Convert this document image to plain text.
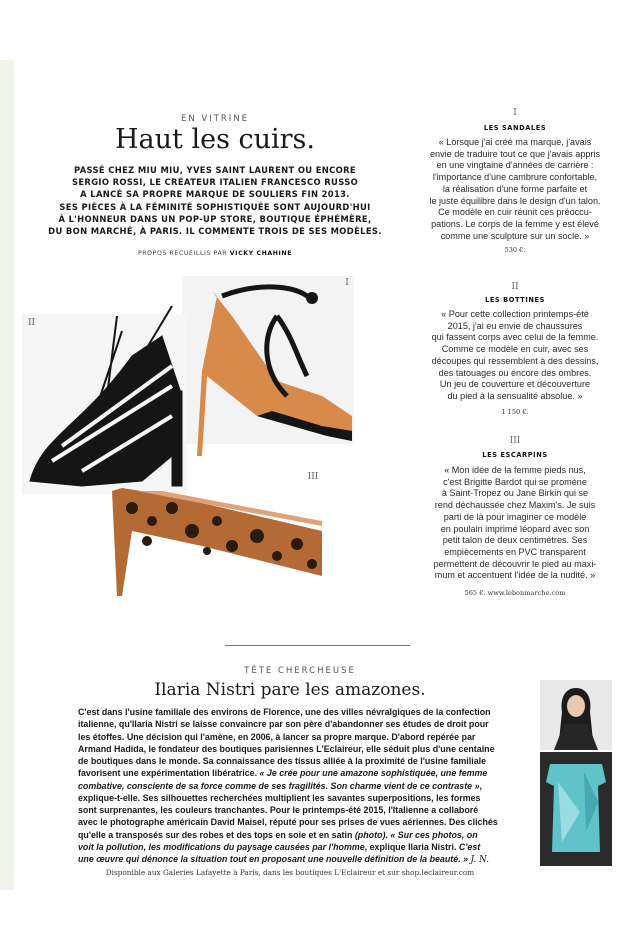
EN VITRINE
Haut les cuirs.
PASSÉ CHEZ MIU MIU, YVES SAINT LAURENT OU ENCORE
SERGIO ROSSI, LE CRÉATEUR ITALIEN FRANCESCO RUSSO
A LANCÉ SA PROPRE MARQUE DE SOULIERS FIN 2013.
SES PIÈCES À LA FÉMINITÉ SOPHISTIQUÉE SONT AUJOURD'HUI
À L'HONNEUR DANS UN POP-UP STORE, BOUTIQUE ÉPHÉMÈRE,
DU BON MARCHÉ, À PARIS. IL COMMENTE TROIS DE SES MODÈLES.
PROPOS RECUEILLIS PAR VICKY CHAHINE
I
II
III
I
LES SANDALES
« Lorsque j'ai créé ma marque, j'avais
envie de traduire tout ce que j'avais appris
en une vingtaine d'années de carrière :
l'importance d'une cambrure confortable,
la réalisation d'une forme parfaite et
le juste équilibre dans le design d'un talon.
Ce modèle en cuir réunit ces préoccu-
pations. Le corps de la femme y est élevé
comme une sculpture sur un socle. »
530 €.
II
LES BOTTINES
« Pour cette collection printemps-été
2015, j'ai eu envie de chaussures
qui fassent corps avec celui de la femme.
Comme ce modèle en cuir, avec ses
découpes qui ressemblent à des dessins,
des tatouages ou encore des ombres.
Un jeu de couverture et découverture
du pied à la sensualité absolue. »
1 150 €.
III
LES ESCARPINS
« Mon idée de la femme pieds nus,
c'est Brigitte Bardot qui se promène
à Saint-Tropez ou Jane Birkin qui se
rend déchaussée chez Maxim's. Je suis
parti de là pour imaginer ce modèle
en poulain imprimé léopard avec son
petit talon de deux centimètres. Ses
empiècements en PVC transparent
permettent de découvrir le pied au maxi-
mum et accentuent l'idée de la nudité. »
565 €. www.lebonmarche.com
TÊTE CHERCHEUSE
Ilaria Nistri pare les amazones.
C'est dans l'usine familiale des environs de Florence, une des villes névralgiques de la confection
italienne, qu'Ilaria Nistri se laisse convaincre par son père d'abandonner ses études de droit pour
les étoffes. Une décision qui l'amène, en 2006, à lancer sa propre marque. D'abord repérée par
Armand Hadida, le fondateur des boutiques parisiennes L'Eclaireur, elle séduit plus d'une centaine
de boutiques dans le monde. Sa connaissance des tissus alliée à la proximité de l'usine familiale
favorisent une expérimentation libératrice. « Je crée pour une amazone sophistiquée, une femme
combative, consciente de sa force comme de ses fragilités. Son charme vient de ce contraste »,
explique-t-elle. Ses silhouettes recherchées multiplient les savantes superpositions, les formes
sont surprenantes, les couleurs tranchantes. Pour le printemps-été 2015, l'Italienne a collaboré
avec le photographe américain David Maisel, réputé pour ses prises de vues aériennes. Des clichés
qu'elle a transposés sur des robes et des tops en soie et en satin (photo). « Sur ces photos, on
voit la pollution, les modifications du paysage causées par l'homme, explique Ilaria Nistri. C'est
une œuvre qui dénonce la situation tout en proposant une nouvelle définition de la beauté. » J. N.
Disponible aux Galeries Lafayette à Paris, dans les boutiques L'Eclaireur et sur shop.leclaireur.com
